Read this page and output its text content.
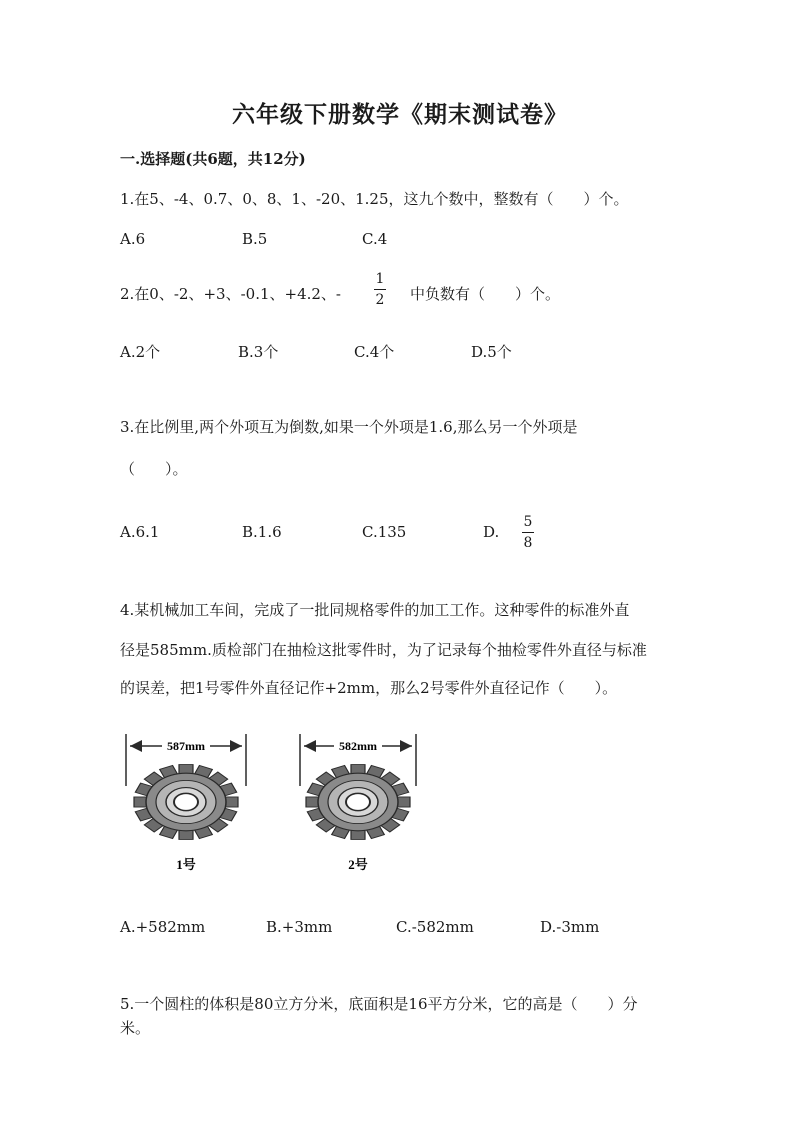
六年级下册数学《期末测试卷》
一.选择题(共6题，共12分)
1.在5、-4、0.7、0、8、1、-20、1.25，这九个数中，整数有（　　）个。
A.6	B.5	C.4
2.在0、-2、+3、-0.1、+4.2、-
1
2 中负数有（　　）个。
A.2个	B.3个	C.4个	D.5个
3.在比例里,两个外项互为倒数,如果一个外项是1.6,那么另一个外项是
（　　）。
A.6.1	B.1.6	C.135	D.
5
8
4.某机械加工车间，完成了一批同规格零件的加工工作。这种零件的标准外直
径是585mm.质检部门在抽检这批零件时，为了记录每个抽检零件外直径与标准
的误差，把1号零件外直径记作+2mm，那么2号零件外直径记作（　　）。
587mm
1号
582mm
2号
A.+582mm	B.+3mm	C.-582mm	D.-3mm
5.一个圆柱的体积是80立方分米，底面积是16平方分米，它的高是（　　）分
米。
